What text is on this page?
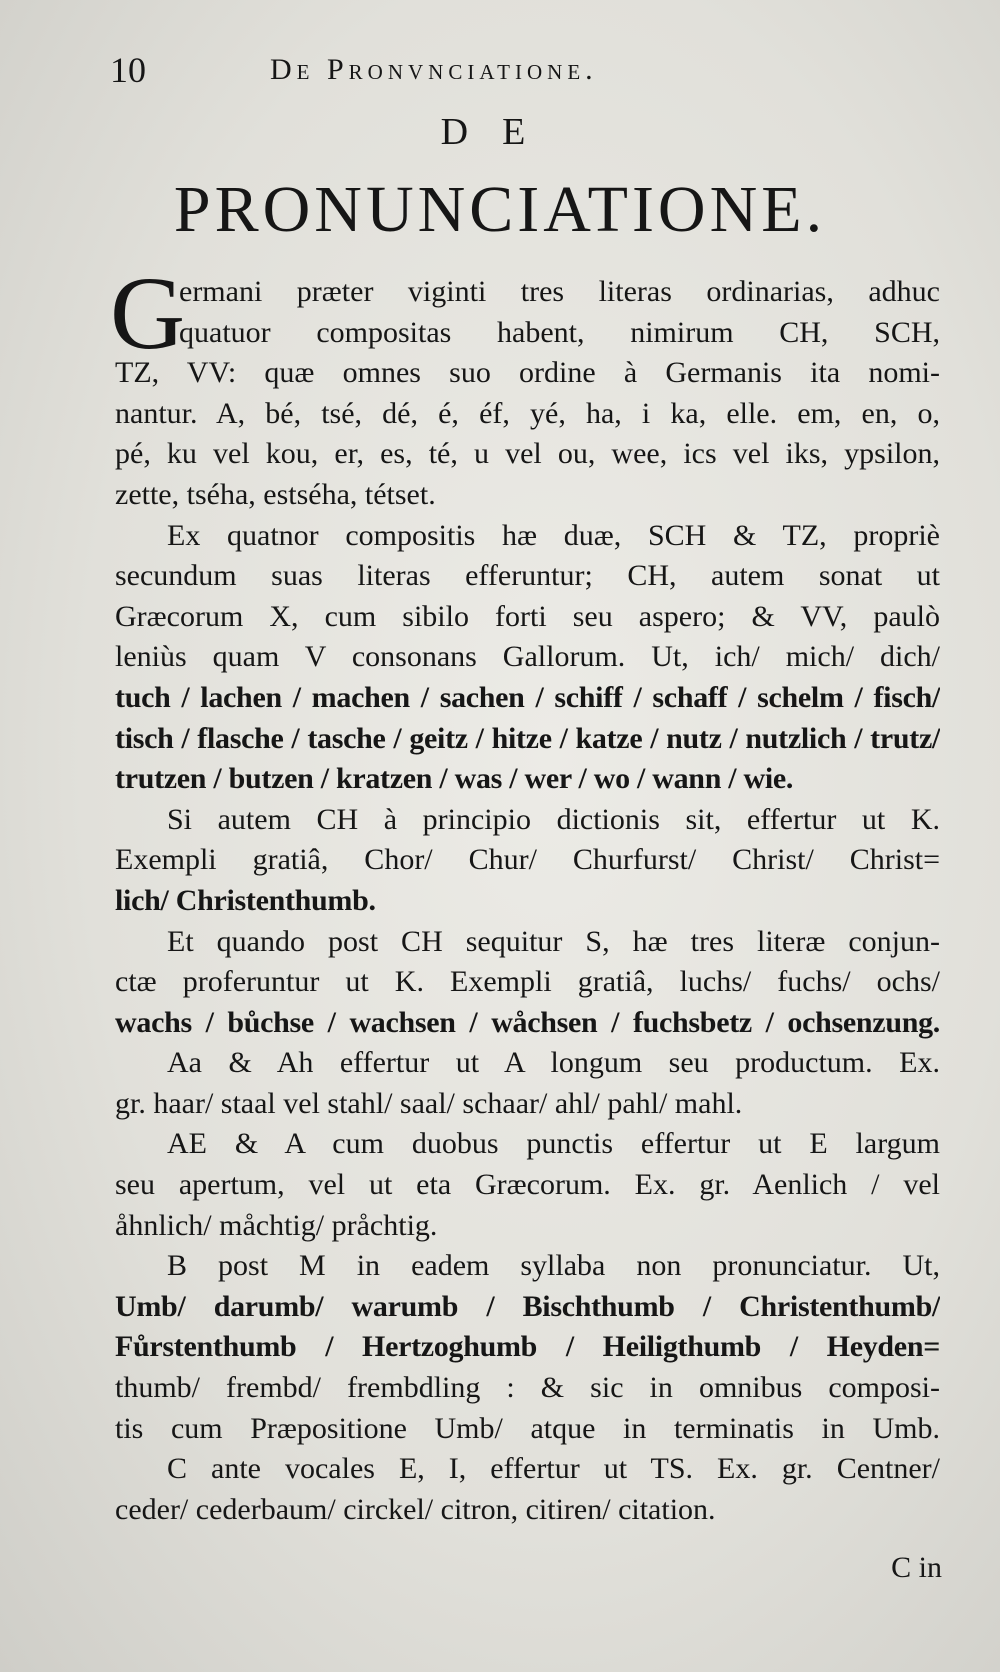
10	De Pronvnciatione.
DE
PRONUNCIATIONE.
G
ermani præter viginti tres literas ordinarias, adhuc
quatuor compositas habent, nimirum CH, SCH,
TZ, VV: quæ omnes suo ordine à Germanis ita nomi-
nantur. A, bé, tsé, dé, é, éf, yé, ha, i ka, elle. em, en, o,
pé, ku vel kou, er, es, té, u vel ou, wee, ics vel iks, ypsilon,
zette, tséha, estséha, tétset.
Ex quatnor compositis hæ duæ, SCH & TZ, propriè
secundum suas literas efferuntur; CH, autem sonat ut
Græcorum X, cum sibilo forti seu aspero; & VV, paulò
leniùs quam V consonans Gallorum. Ut, ich/ mich/ dich/
tuch / lachen / machen / sachen / schiff / schaff / schelm / fisch/
tisch / flasche / tasche / geitz / hitze / katze / nutz / nutzlich / trutz/
trutzen / butzen / kratzen / was / wer / wo / wann / wie.
Si autem CH à principio dictionis sit, effertur ut K.
Exempli gratiâ, Chor/ Chur/ Churfurst/ Christ/ Christ=
lich/ Christenthumb.
Et quando post CH sequitur S, hæ tres literæ conjun-
ctæ proferuntur ut K. Exempli gratiâ, luchs/ fuchs/ ochs/
wachs / bůchse / wachsen / wåchsen / fuchsbetz / ochsenzung.
Aa & Ah effertur ut A longum seu productum. Ex.
gr. haar/ staal vel stahl/ saal/ schaar/ ahl/ pahl/ mahl.
AE & A cum duobus punctis effertur ut E largum
seu apertum, vel ut eta Græcorum. Ex. gr. Aenlich / vel
åhnlich/ måchtig/ pråchtig.
B post M in eadem syllaba non pronunciatur. Ut,
Umb/ darumb/ warumb / Bischthumb / Christenthumb/
Fůrstenthumb / Hertzoghumb / Heiligthumb / Heyden=
thumb/ frembd/ frembdling : & sic in omnibus composi-
tis cum Præpositione Umb/ atque in terminatis in Umb.
C ante vocales E, I, effertur ut TS. Ex. gr. Centner/
ceder/ cederbaum/ circkel/ citron, citiren/ citation.
C in
